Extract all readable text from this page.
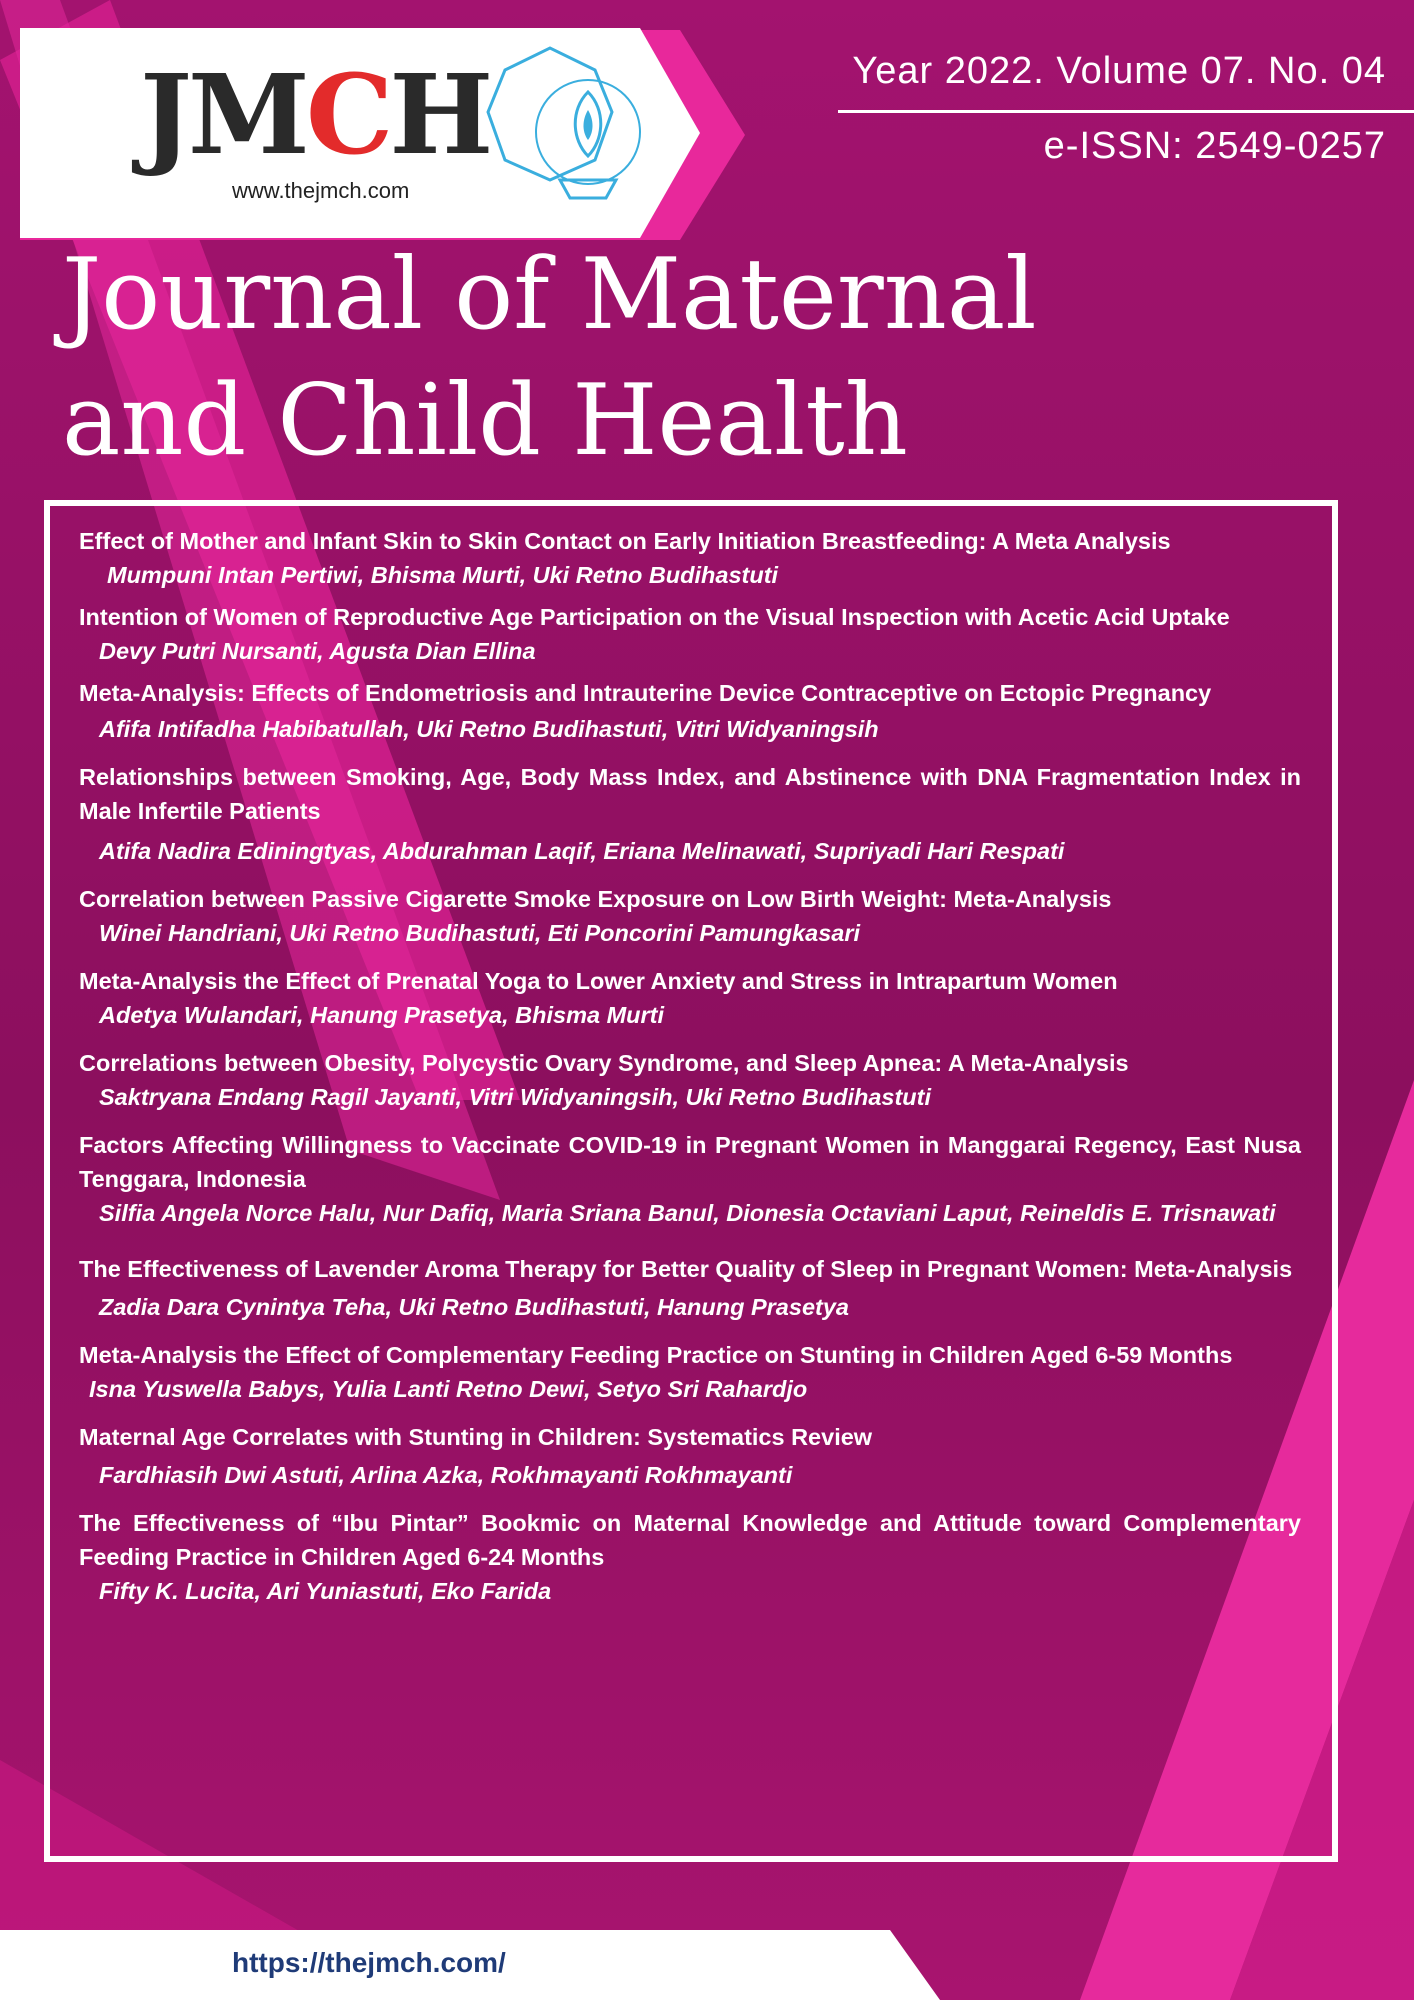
JMCH
www.thejmch.com
Year 2022. Volume 07. No. 04
e-ISSN: 2549-0257
Journal of Maternal
and Child Health
Effect of Mother and Infant Skin to Skin Contact on Early Initiation Breastfeeding: A Meta Analysis
Mumpuni Intan Pertiwi, Bhisma Murti, Uki Retno Budihastuti
Intention of Women of Reproductive Age Participation on the Visual Inspection with Acetic Acid Uptake
Devy Putri Nursanti, Agusta Dian Ellina
Meta-Analysis: Effects of Endometriosis and Intrauterine Device Contraceptive on Ectopic Pregnancy
Afifa Intifadha Habibatullah, Uki Retno Budihastuti, Vitri Widyaningsih
Relationships between Smoking, Age, Body Mass Index, and Abstinence with DNA Fragmentation Index in Male Infertile Patients
Atifa Nadira Ediningtyas, Abdurahman Laqif, Eriana Melinawati, Supriyadi Hari Respati
Correlation between Passive Cigarette Smoke Exposure on Low Birth Weight: Meta-Analysis
Winei Handriani, Uki Retno Budihastuti, Eti Poncorini Pamungkasari
Meta-Analysis the Effect of Prenatal Yoga to Lower Anxiety and Stress in Intrapartum Women
Adetya Wulandari, Hanung Prasetya, Bhisma Murti
Correlations between Obesity, Polycystic Ovary Syndrome, and Sleep Apnea: A Meta-Analysis
Saktryana Endang Ragil Jayanti, Vitri Widyaningsih, Uki Retno Budihastuti
Factors Affecting Willingness to Vaccinate COVID-19 in Pregnant Women in Manggarai Regency, East Nusa Tenggara, Indonesia
Silfia Angela Norce Halu, Nur Dafiq, Maria Sriana Banul, Dionesia Octaviani Laput, Reineldis E. Trisnawati
The Effectiveness of Lavender Aroma Therapy for Better Quality of Sleep in Pregnant Women: Meta-Analysis
Zadia Dara Cynintya Teha, Uki Retno Budihastuti, Hanung Prasetya
Meta-Analysis the Effect of Complementary Feeding Practice on Stunting in Children Aged 6-59 Months
Isna Yuswella Babys, Yulia Lanti Retno Dewi, Setyo Sri Rahardjo
Maternal Age Correlates with Stunting in Children: Systematics Review
Fardhiasih Dwi Astuti, Arlina Azka, Rokhmayanti Rokhmayanti
The Effectiveness of “Ibu Pintar” Bookmic on Maternal Knowledge and Attitude toward Complementary Feeding Practice in Children Aged 6-24 Months
Fifty K. Lucita, Ari Yuniastuti, Eko Farida
https://thejmch.com/
